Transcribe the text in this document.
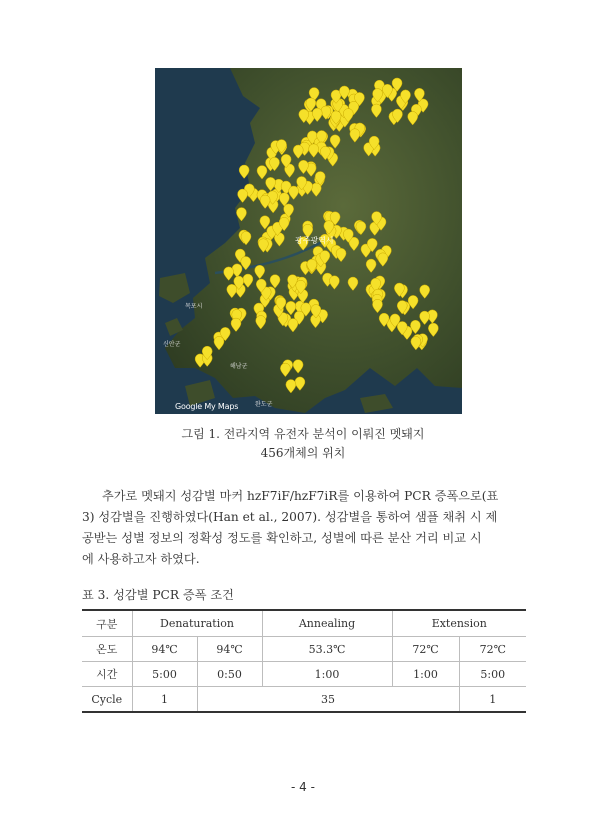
광주광역시
목포시
신안군
해남군
완도군
Google My Maps
그림 1. 전라지역 유전자 분석이 이뤄진 멧돼지
456개체의 위치
추가로 멧돼지 성감별 마커 hzF7iF/hzF7iR를 이용하여 PCR 증폭으로(표
3) 성감별을 진행하였다(Han et al., 2007). 성감별을 통하여 샘플 채취 시 제
공받는 성별 정보의 정확성 정도를 확인하고, 성별에 따른 분산 거리 비교 시
에 사용하고자 하였다.
표 3. 성감별 PCR 증폭 조건
구분	Denaturation		Annealing	Extension	
온도	94℃	94℃	53.3℃	72℃	72℃
시간	5:00	0:50	1:00	1:00	5:00
Cycle	1	35			1
- 4 -
